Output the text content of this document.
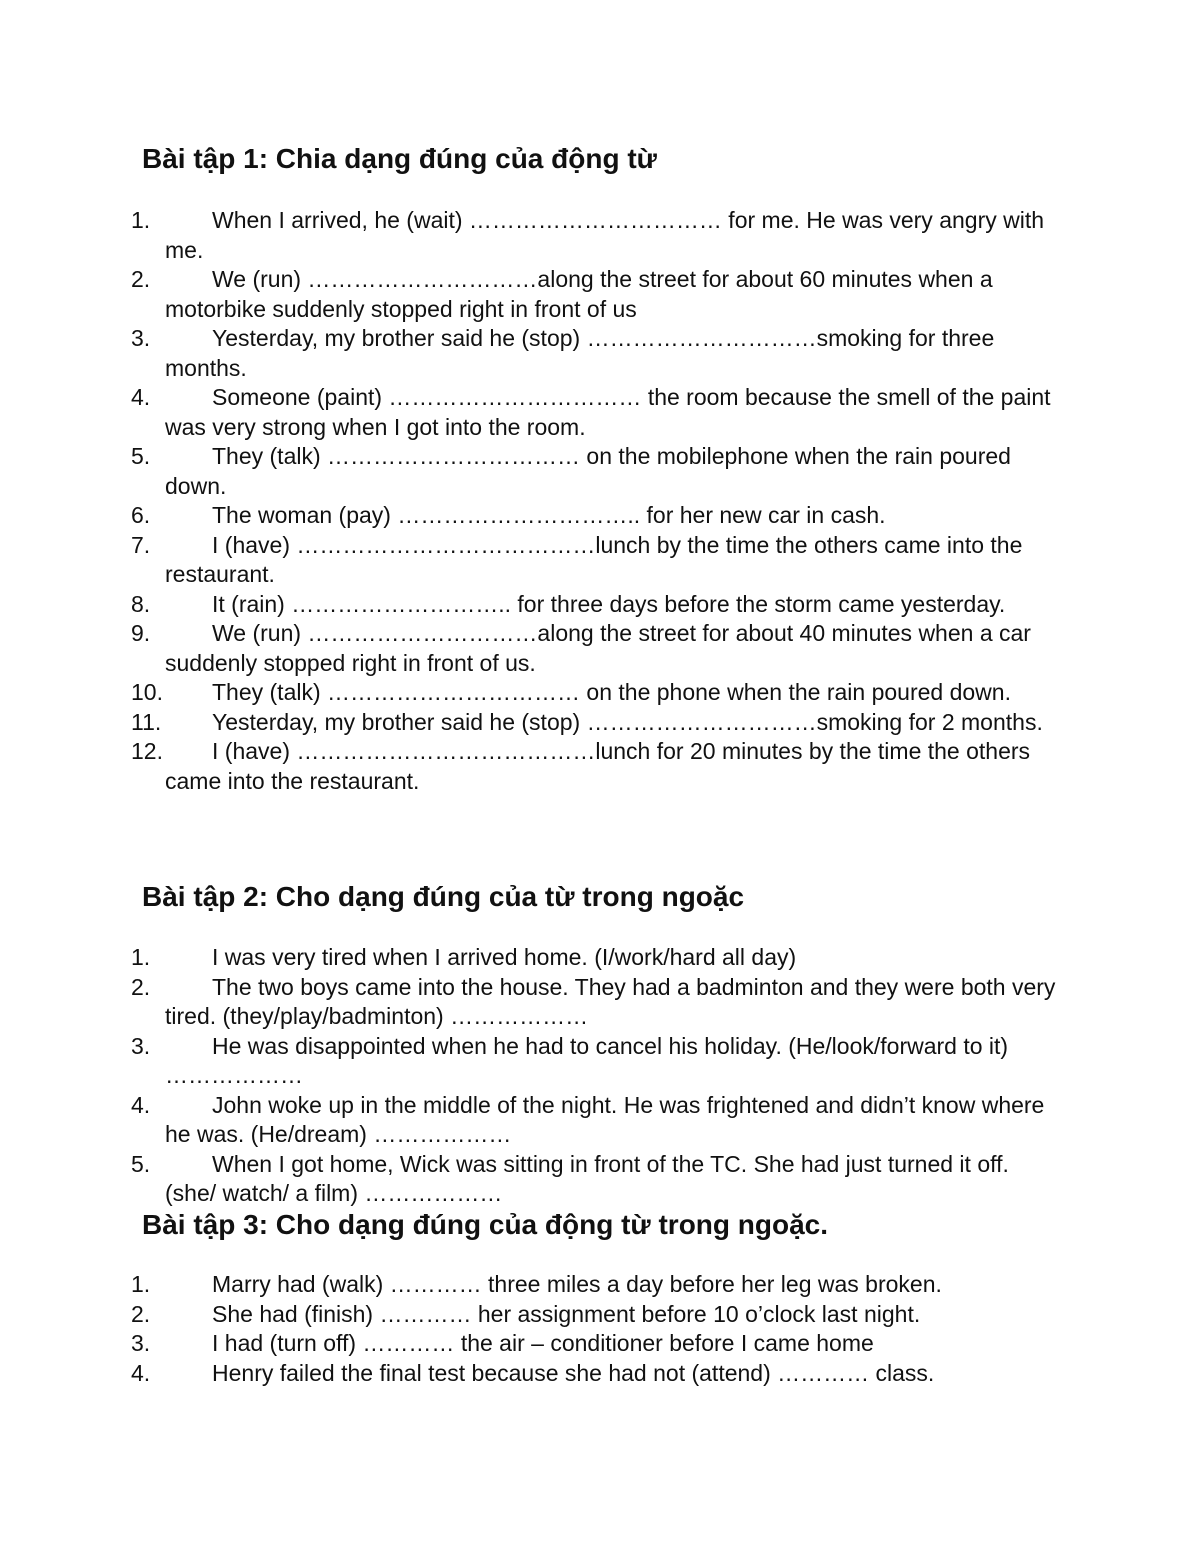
Bài tập 1: Chia dạng đúng của động từ
1.	When I arrived, he (wait) …………………………… for me. He was very angry with me.
2.	We (run) …………………………along the street for about 60 minutes when a motorbike suddenly stopped right in front of us
3.	Yesterday, my brother said he (stop) …………………………smoking for three months.
4.	Someone (paint) …………………………… the room because the smell of the paint was very strong when I got into the room.
5.	They (talk) …………………………… on the mobilephone when the rain poured down.
6.	The woman (pay) ………………………….. for her new car in cash.
7.	I (have) …………………………………lunch by the time the others came into the restaurant.
8.	It (rain) ……………………….. for three days before the storm came yesterday.
9.	We (run) …………………………along the street for about 40 minutes when a car suddenly stopped right in front of us.
10.	They (talk) …………………………… on the phone when the rain poured down.
11.	Yesterday, my brother said he (stop) …………………………smoking for 2 months.
12.	I (have) …………………………………lunch for 20 minutes by the time the others came into the restaurant.
Bài tập 2: Cho dạng đúng của từ trong ngoặc
1.	I was very tired when I arrived home. (I/work/hard all day)
2.	The two boys came into the house. They had a badminton and they were both very tired. (they/play/badminton) ………………
3.	He was disappointed when he had to cancel his holiday. (He/look/forward to it) ………………
4.	John woke up in the middle of the night. He was frightened and didn’t know where he was. (He/dream) ………………
5.	When I got home, Wick was sitting in front of the TC. She had just turned it off. (she/ watch/ a film) ………………
Bài tập 3: Cho dạng đúng của động từ trong ngoặc.
1.	Marry had (walk) ………… three miles a day before her leg was broken.
2.	She had (finish) ………… her assignment before 10 o’clock last night.
3.	I had (turn off) ………… the air – conditioner before I came home
4.	Henry failed the final test because she had not (attend) ………… class.
